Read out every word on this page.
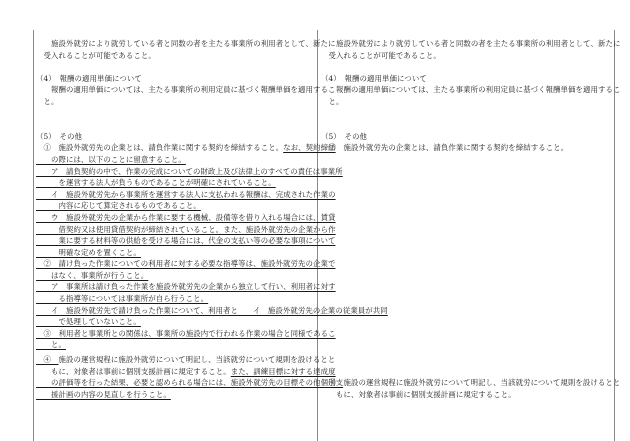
　　施設外就労により就労している者と同数の者を主たる事業所の利用者として、新たに

　受入れることが可能であること。

（4）　報酬の適用単価について

　　報酬の適用単価については、主たる事業所の利用定員に基づく報酬単価を適用するこ

　と。

（5）　その他

　①　施設外就労先の企業とは、請負作業に関する契約を締結すること。なお、契約締結

　　の際には、以下のことに留意すること。

　　ア　請負契約の中で、作業の完成についての財政上及び法律上のすべての責任は事業所

　　　を運営する法人が負うものであることが明確にされていること。

　　イ　施設外就労先から事業所を運営する法人に支払われる報酬は、完成された作業の

　　　内容に応じて算定されるものであること。

　　ウ　施設外就労先の企業から作業に要する機械、設備等を借り入れる場合には、賃貸

　　　借契約又は使用貸借契約が締結されていること。また、施設外就労先の企業から作

　　　業に要する材料等の供給を受ける場合には、代金の支払い等の必要な事項について

　　　明確な定めを置くこと。

　②　請け負った作業についての利用者に対する必要な指導等は、施設外就労先の企業で

　　はなく、事業所が行うこと。

　　ア　事業所は請け負った作業を施設外就労先の企業から独立して行い、利用者に対す

　　　る指導等については事業所が自ら行うこと。

　　イ　施設外就労先で請け負った作業について、利用者と　　イ　施設外就労先の企業の従業員が共同

　　　で処理していないこと。

　③　利用者と事業所との関係は、事業所の施設内で行われる作業の場合と同様であるこ

　　と。

　④　施設の運営規程に施設外就労について明記し、当該就労について規則を設けるとと

　　もに、対象者は事前に個別支援計画に規定すること。また、訓練目標に対する達成度

　　の評価等を行った結果、必要と認められる場合には、施設外就労先の目標その他個別支

　　援計画の内容の見直しを行うこと。

　　施設外就労により就労している者と同数の者を主たる事業所の利用者として、新たに

　受入れることが可能であること。

（4）　報酬の適用単価について

　　報酬の適用単価については、主たる事業所の利用定員に基づく報酬単価を適用するこ

　と。

（5）　その他

　①　施設外就労先の企業とは、請負作業に関する契約を締結すること。

　④　施設の運営規程に施設外就労について明記し、当該就労について規則を設けるとと

　　もに、対象者は事前に個別支援計画に規定すること。
